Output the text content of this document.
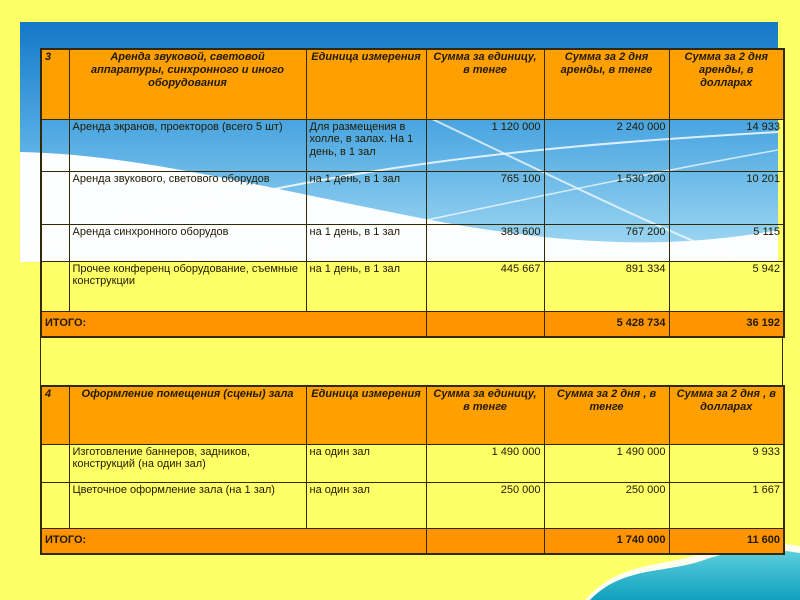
3	Аренда звуковой, световой аппаратуры, синхронного и иного оборудования	Единица измерения	Сумма за единицу, в тенге	Сумма за 2 дня аренды, в тенге	Сумма за 2 дня аренды, в долларах
	Аренда экранов, проекторов (всего 5 шт)	Для размещения в холле, в залах. На 1 день, в 1 зал	1 120 000	2 240 000	14 933
	Аренда звукового, светового оборудов	на 1 день, в 1 зал	765 100	1 530 200	10 201
	Аренда синхронного оборудов	на 1 день, в 1 зал	383 600	767 200	5 115
	Прочее конференц оборудование, съемные конструкции	на 1 день, в 1 зал	445 667	891 334	5 942
ИТОГО:				5 428 734	36 192
4	Оформление помещения (сцены) зала	Единица измерения	Сумма за единицу, в тенге	Сумма за 2 дня , в тенге	Сумма за 2 дня , в долларах
	Изготовление баннеров, задников, конструкций (на один зал)	на один зал	1 490 000	1 490 000	9 933
	Цветочное оформление зала (на 1 зал)	на один зал	250 000	250 000	1 667
ИТОГО:				1 740 000	11 600
